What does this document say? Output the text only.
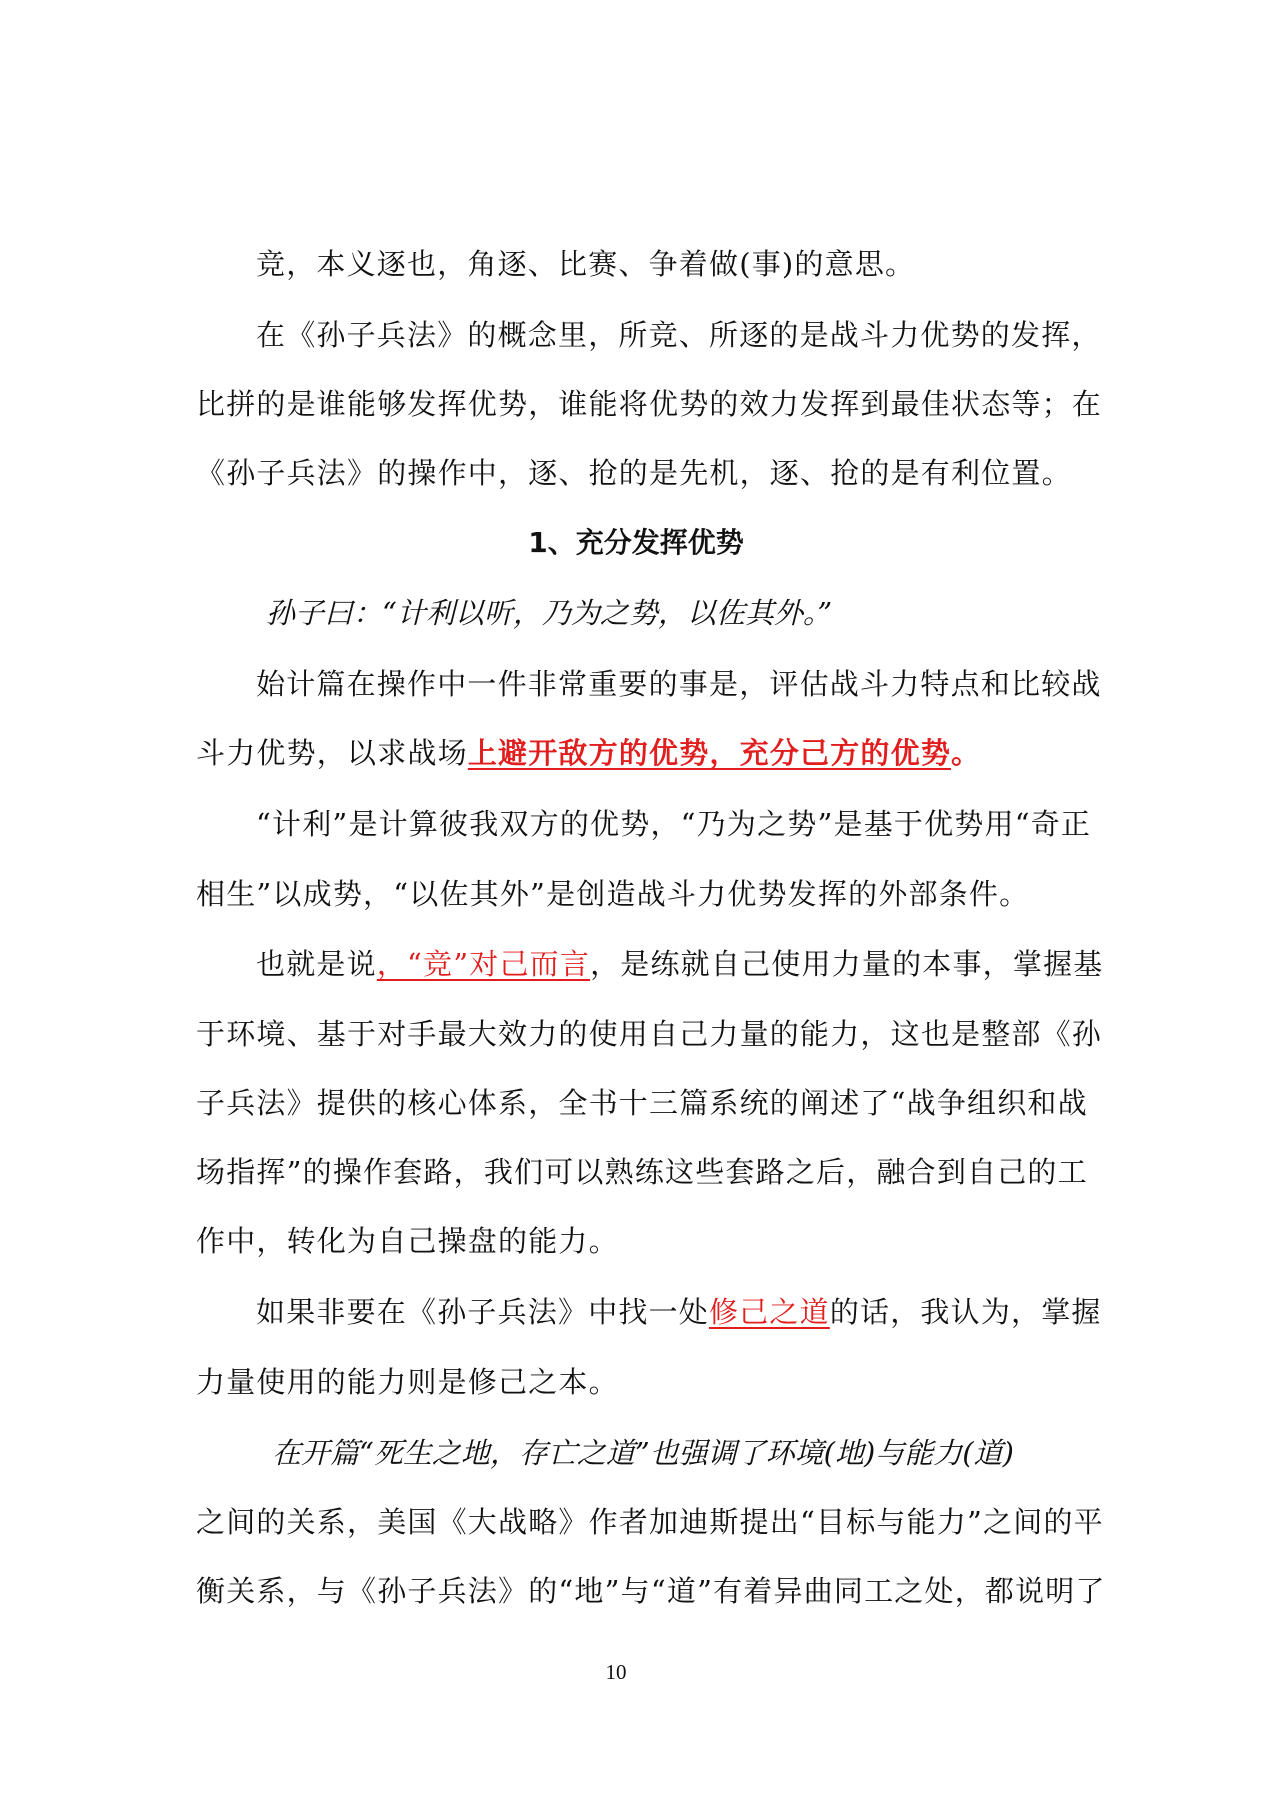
竞，本义逐也，角逐、比赛、争着做(事)的意思。
在《孙子兵法》的概念里，所竞、所逐的是战斗力优势的发挥，
比拼的是谁能够发挥优势，谁能将优势的效力发挥到最佳状态等；在
《孙子兵法》的操作中，逐、抢的是先机，逐、抢的是有利位置。
1、充分发挥优势
孙子曰：“计利以听，乃为之势，以佐其外。”
始计篇在操作中一件非常重要的事是，评估战斗力特点和比较战
斗力优势，以求战场上避开敌方的优势，充分己方的优势。
“计利”是计算彼我双方的优势，“乃为之势”是基于优势用“奇正
相生”以成势，“以佐其外”是创造战斗力优势发挥的外部条件。
也就是说，“竞”对己而言，是练就自己使用力量的本事，掌握基
于环境、基于对手最大效力的使用自己力量的能力，这也是整部《孙
子兵法》提供的核心体系，全书十三篇系统的阐述了“战争组织和战
场指挥”的操作套路，我们可以熟练这些套路之后，融合到自己的工
作中，转化为自己操盘的能力。
如果非要在《孙子兵法》中找一处修己之道的话，我认为，掌握
力量使用的能力则是修己之本。
在开篇“死生之地，存亡之道”也强调了环境(地)与能力(道)
之间的关系，美国《大战略》作者加迪斯提出“目标与能力”之间的平
衡关系，与《孙子兵法》的“地”与“道”有着异曲同工之处，都说明了
10
